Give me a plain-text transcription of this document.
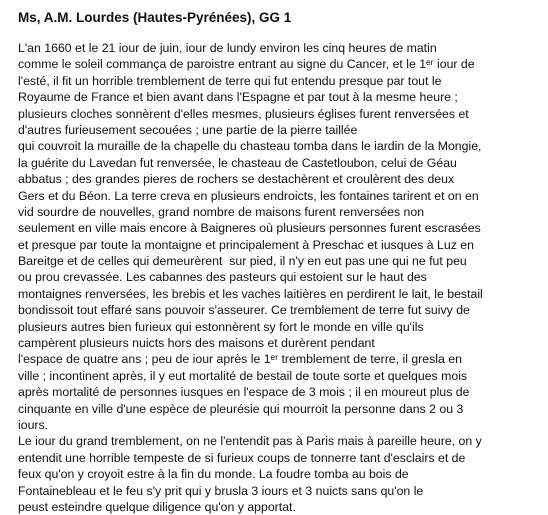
Ms, A.M. Lourdes (Hautes-Pyrénées), GG 1
L'an 1660 et le 21 iour de juin, iour de lundy environ les cinq heures de matin
comme le soleil commança de paroistre entrant au signe du Cancer, et le 1ᵉʳ iour de
l'esté, il fit un horrible tremblement de terre qui fut entendu presque par tout le
Royaume de France et bien avant dans l'Espagne et par tout à la mesme heure ;
plusieurs cloches sonnèrent d'elles mesmes, plusieurs églises furent renversées et
d'autres furieusement secouées ; une partie de la pierre taillée
qui couvroit la muraille de la chapelle du chasteau tomba dans le iardin de la Mongie,
la guérite du Lavedan fut renversée, le chasteau de Castetloubon, celui de Géau
abbatus ; des grandes pieres de rochers se destachèrent et croulèrent des deux
Gers et du Béon. La terre creva en plusieurs endroicts, les fontaines tarirent et on en
vid sourdre de nouvelles, grand nombre de maisons furent renversées non
seulement en ville mais encore à Baigneres où plusieurs personnes furent escrasées
et presque par toute la montaigne et principalement à Preschac et iusques à Luz en
Bareitge et de celles qui demeurèrent  sur pied, il n'y en eut pas une qui ne fut peu
ou prou crevassée. Les cabannes des pasteurs qui estoient sur le haut des
montaignes renversées, les brebis et les vaches laitières en perdirent le lait, le bestail
bondissoit tout effaré sans pouvoir s'asseurer. Ce tremblement de terre fut suivy de
plusieurs autres bien furieux qui estonnèrent sy fort le monde en ville qu'ils
campèrent plusieurs nuicts hors des maisons et durèrent pendant
l'espace de quatre ans ; peu de iour après le 1ᵉʳ tremblement de terre, il gresla en
ville ; incontinent après, il y eut mortalité de bestail de toute sorte et quelques mois
après mortalité de personnes iusques en l'espace de 3 mois ; il en moureut plus de
cinquante en ville d'une espèce de pleurésie qui mourroit la personne dans 2 ou 3
iours.
Le iour du grand tremblement, on ne l'entendit pas à Paris mais à pareille heure, on y
entendit une horrible tempeste de si furieux coups de tonnerre tant d'esclairs et de
feux qu'on y croyoit estre à la fin du monde. La foudre tomba au bois de
Fontainebleau et le feu s'y prit qui y brusla 3 iours et 3 nuicts sans qu'on le
peust esteindre quelque diligence qu'on y apportat.
